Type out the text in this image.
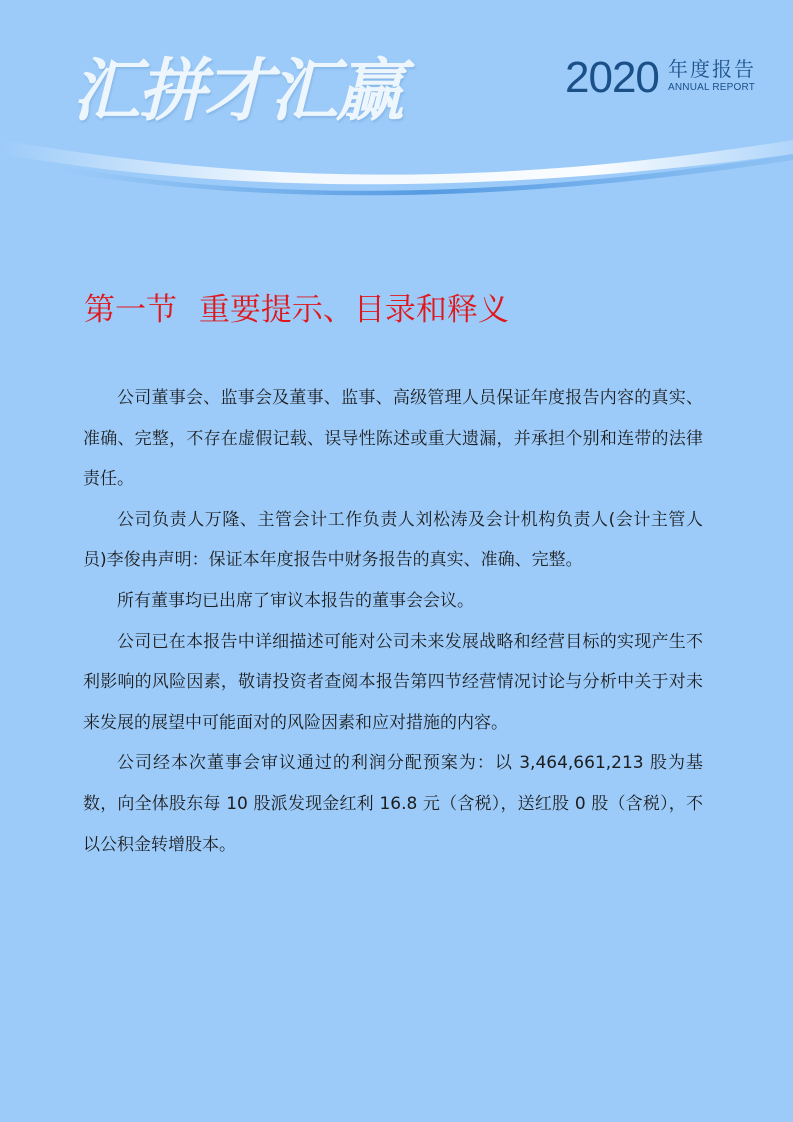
汇拼才汇赢	2020 年度报告
ANNUAL REPORT
第一节 重要提示、目录和释义

公司董事会、监事会及董事、监事、高级管理人员保证年度报告内容的真实、准确、完整，不存在虚假记载、误导性陈述或重大遗漏，并承担个别和连带的法律责任。

公司负责人万隆、主管会计工作负责人刘松涛及会计机构负责人(会计主管人员)李俊冉声明：保证本年度报告中财务报告的真实、准确、完整。

所有董事均已出席了审议本报告的董事会会议。

公司已在本报告中详细描述可能对公司未来发展战略和经营目标的实现产生不利影响的风险因素，敬请投资者查阅本报告第四节经营情况讨论与分析中关于对未来发展的展望中可能面对的风险因素和应对措施的内容。

公司经本次董事会审议通过的利润分配预案为：以 3,464,661,213 股为基数，向全体股东每 10 股派发现金红利 16.8 元（含税），送红股 0 股（含税），不以公积金转增股本。
